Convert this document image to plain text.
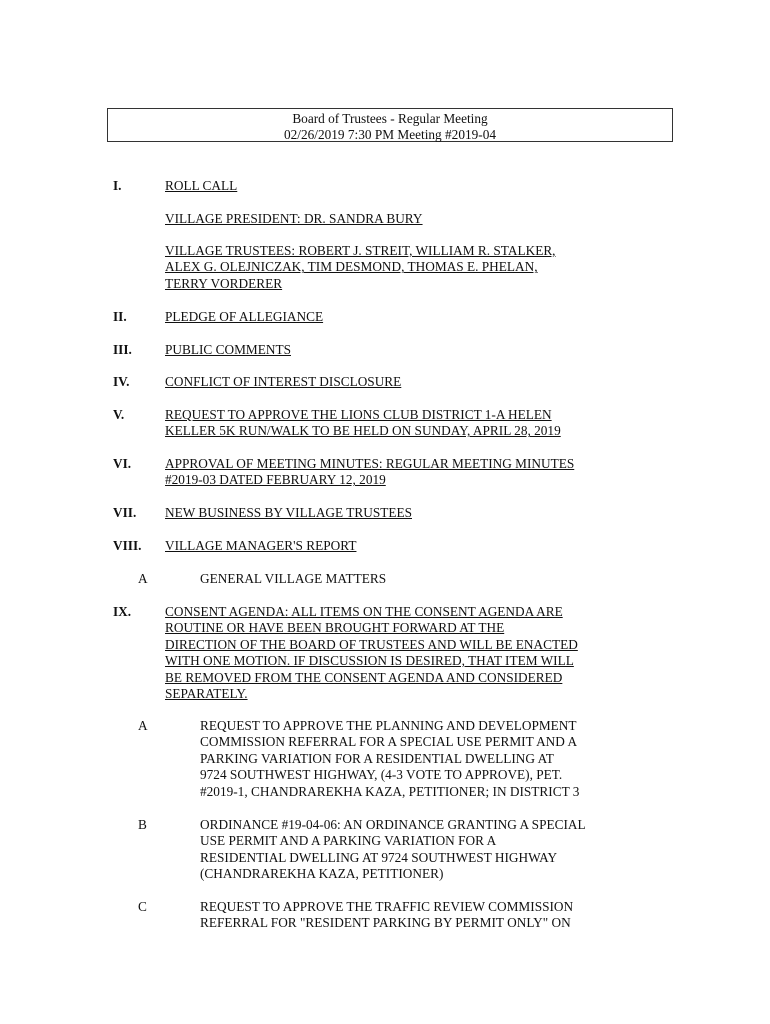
Board of Trustees - Regular Meeting
02/26/2019 7:30 PM Meeting #2019-04
I.	ROLL CALL
VILLAGE PRESIDENT: DR. SANDRA BURY
VILLAGE TRUSTEES: ROBERT J. STREIT, WILLIAM R. STALKER,
ALEX G. OLEJNICZAK, TIM DESMOND, THOMAS E. PHELAN,
TERRY VORDERER
II.	PLEDGE OF ALLEGIANCE
III. PUBLIC COMMENTS
IV.	CONFLICT OF INTEREST DISCLOSURE
V.	REQUEST TO APPROVE THE LIONS CLUB DISTRICT 1-A HELEN
KELLER 5K RUN/WALK TO BE HELD ON SUNDAY, APRIL 28, 2019
VI.	APPROVAL OF MEETING MINUTES: REGULAR MEETING MINUTES
#2019-03 DATED FEBRUARY 12, 2019
VII. NEW BUSINESS BY VILLAGE TRUSTEES
VIII. VILLAGE MANAGER'S REPORT
A	GENERAL VILLAGE MATTERS
IX.	CONSENT AGENDA: ALL ITEMS ON THE CONSENT AGENDA ARE
ROUTINE OR HAVE BEEN BROUGHT FORWARD AT THE
DIRECTION OF THE BOARD OF TRUSTEES AND WILL BE ENACTED
WITH ONE MOTION. IF DISCUSSION IS DESIRED, THAT ITEM WILL
BE REMOVED FROM THE CONSENT AGENDA AND CONSIDERED
SEPARATELY.
A	REQUEST TO APPROVE THE PLANNING AND DEVELOPMENT
COMMISSION REFERRAL FOR A SPECIAL USE PERMIT AND A
PARKING VARIATION FOR A RESIDENTIAL DWELLING AT
9724 SOUTHWEST HIGHWAY, (4-3 VOTE TO APPROVE), PET.
#2019-1, CHANDRAREKHA KAZA, PETITIONER; IN DISTRICT 3
B	ORDINANCE #19-04-06: AN ORDINANCE GRANTING A SPECIAL
USE PERMIT AND A PARKING VARIATION FOR A
RESIDENTIAL DWELLING AT 9724 SOUTHWEST HIGHWAY
(CHANDRAREKHA KAZA, PETITIONER)
C	REQUEST TO APPROVE THE TRAFFIC REVIEW COMMISSION
REFERRAL FOR "RESIDENT PARKING BY PERMIT ONLY" ON
